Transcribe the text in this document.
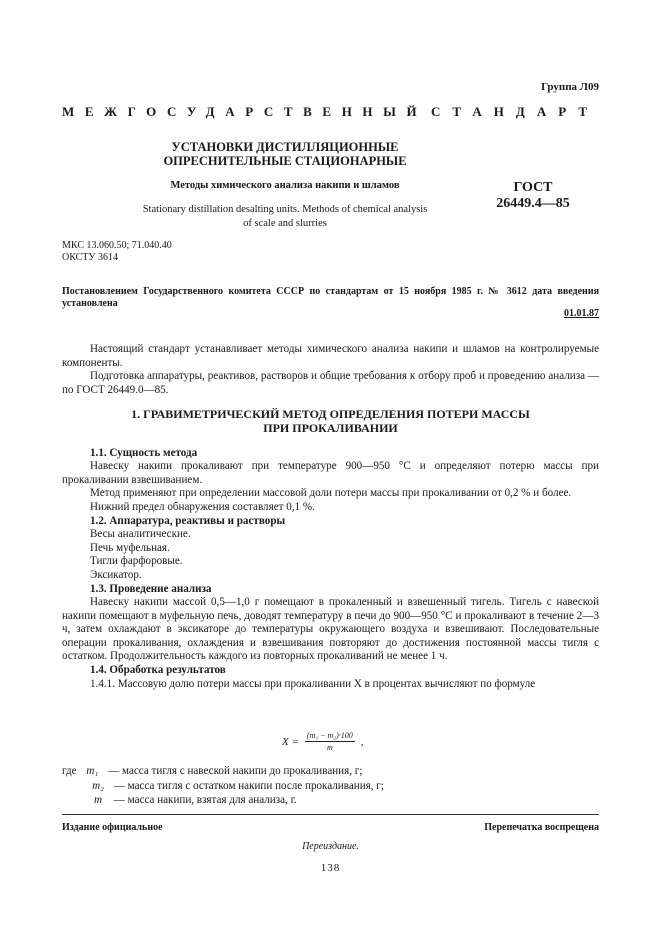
Группа Л09
МЕЖГОСУДАРСТВЕННЫЙ СТАНДАРТ
УСТАНОВКИ ДИСТИЛЛЯЦИОННЫЕ
ОПРЕСНИТЕЛЬНЫЕ СТАЦИОНАРНЫЕ
Методы химического анализа накипи и шламов
Stationary distillation desalting units. Methods of chemical analysis
of scale and slurries
ГОСТ
26449.4—85
МКС 13.060.50; 71.040.40
ОКСТУ 3614
Постановлением Государственного комитета СССР по стандартам от 15 ноября 1985 г. № 3612 дата введения установлена
01.01.87

Настоящий стандарт устанавливает методы химического анализа накипи и шламов на контролируемые компоненты.

Подготовка аппаратуры, реактивов, растворов и общие требования к отбору проб и проведению анализа — по ГОСТ 26449.0—85.

1. ГРАВИМЕТРИЧЕСКИЙ МЕТОД ОПРЕДЕЛЕНИЯ ПОТЕРИ МАССЫ
ПРИ ПРОКАЛИВАНИИ

1.1. Сущность метода

Навеску накипи прокаливают при температуре 900—950 °С и определяют потерю массы при прокаливании взвешиванием.

Метод применяют при определении массовой доли потери массы при прокаливании от 0,2 % и более.

Нижний предел обнаружения составляет 0,1 %.

1.2. Аппаратура, реактивы и растворы

Весы аналитические.

Печь муфельная.

Тигли фарфоровые.

Эксикатор.

1.3. Проведение анализа

Навеску накипи массой 0,5—1,0 г помещают в прокаленный и взвешенный тигель. Тигель с навеской накипи помещают в муфельную печь, доводят температуру в печи до 900—950 °С и прокаливают в течение 2—3 ч, затем охлаждают в эксикаторе до температуры окружающего воздуха и взвешивают. Последовательные операции прокаливания, охлаждения и взвешивания повторяют до достижения постоянной массы тигля с остатком. Продолжительность каждого из повторных прокаливаний не менее 1 ч.

1.4. Обработка результатов

1.4.1. Массовую долю потери массы при прокаливании X в процентах вычисляют по формуле

$X = \frac{\text{(m₁ − m₂)·100}}{m}$ ,
где m₁ — масса тигля с навеской накипи до прокаливания, г;
m₂ — масса тигля с остатком накипи после прокаливания, г;
m — масса накипи, взятая для анализа, г.
Издание официальное	Перепечатка воспрещена
Переиздание.
138
